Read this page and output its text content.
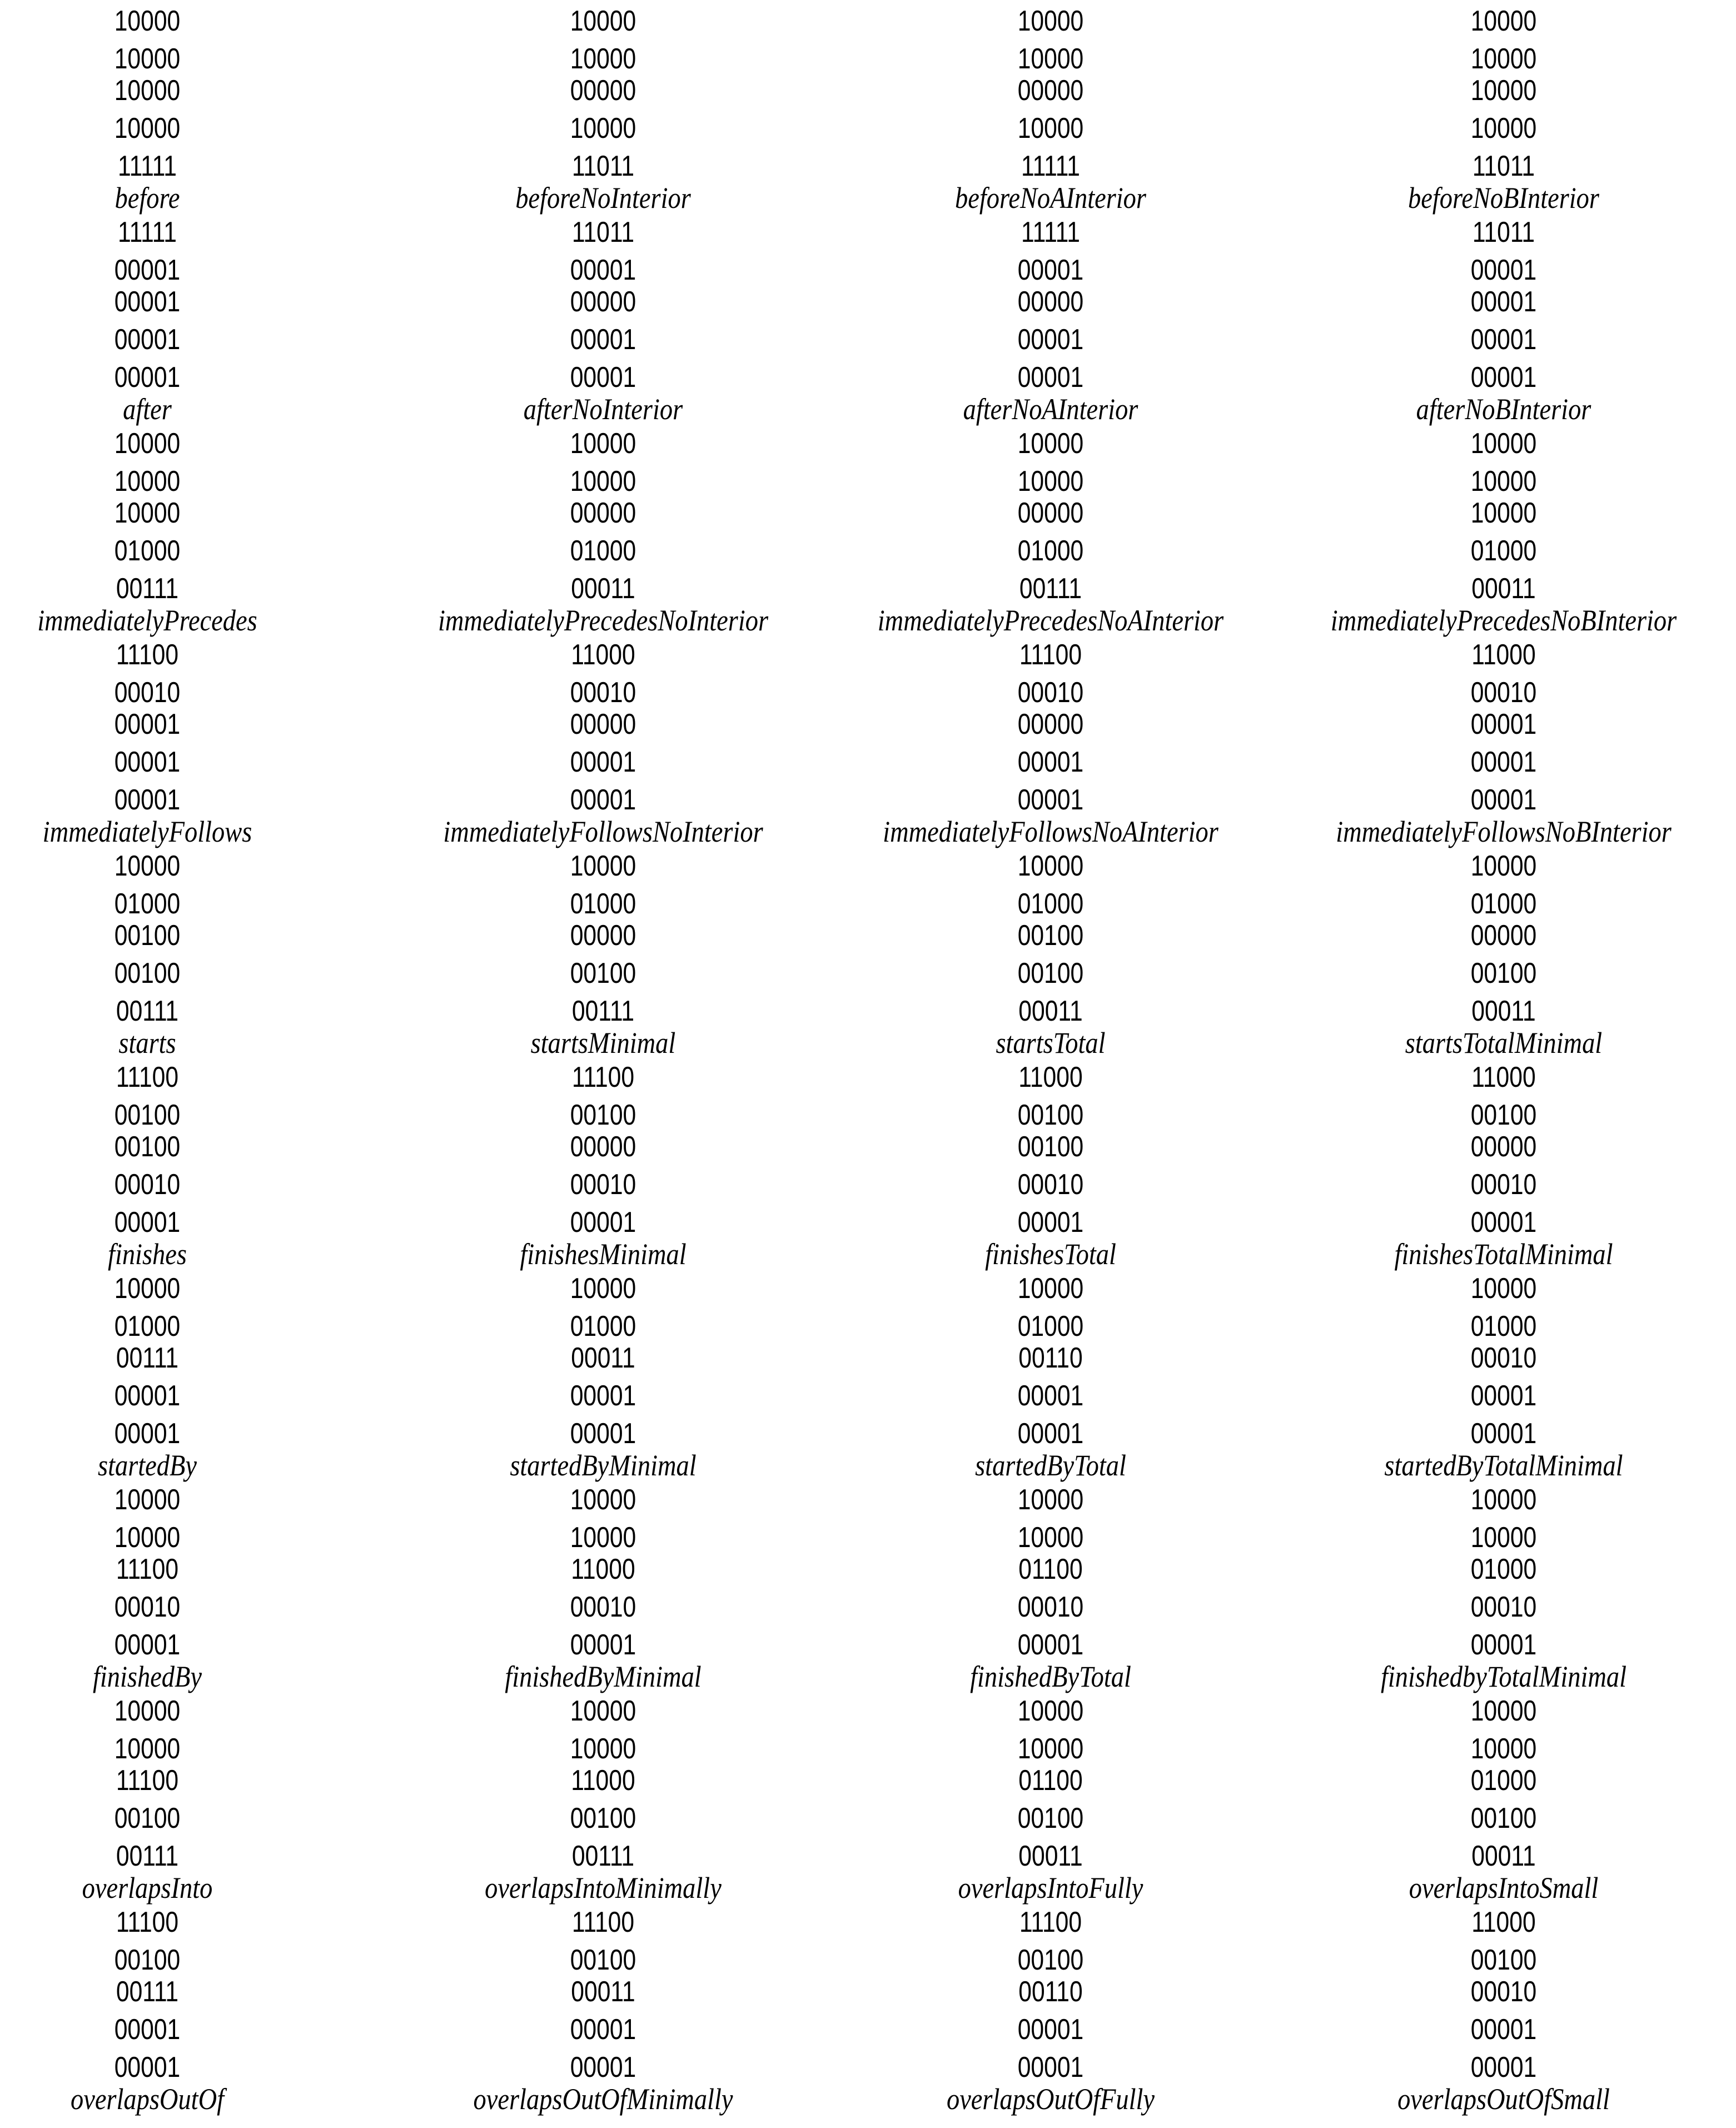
10000
10000
10000
10000
11111
before
10000
10000
00000
10000
11011
beforeNoInterior
10000
10000
00000
10000
11111
beforeNoAInterior
10000
10000
10000
10000
11011
beforeNoBInterior
11111
00001
00001
00001
00001
after
11011
00001
00000
00001
00001
afterNoInterior
11111
00001
00000
00001
00001
afterNoAInterior
11011
00001
00001
00001
00001
afterNoBInterior
10000
10000
10000
01000
00111
immediatelyPrecedes
10000
10000
00000
01000
00011
immediatelyPrecedesNoInterior
10000
10000
00000
01000
00111
immediatelyPrecedesNoAInterior
10000
10000
10000
01000
00011
immediatelyPrecedesNoBInterior
11100
00010
00001
00001
00001
immediatelyFollows
11000
00010
00000
00001
00001
immediatelyFollowsNoInterior
11100
00010
00000
00001
00001
immediatelyFollowsNoAInterior
11000
00010
00001
00001
00001
immediatelyFollowsNoBInterior
10000
01000
00100
00100
00111
starts
10000
01000
00000
00100
00111
startsMinimal
10000
01000
00100
00100
00011
startsTotal
10000
01000
00000
00100
00011
startsTotalMinimal
11100
00100
00100
00010
00001
finishes
11100
00100
00000
00010
00001
finishesMinimal
11000
00100
00100
00010
00001
finishesTotal
11000
00100
00000
00010
00001
finishesTotalMinimal
10000
01000
00111
00001
00001
startedBy
10000
01000
00011
00001
00001
startedByMinimal
10000
01000
00110
00001
00001
startedByTotal
10000
01000
00010
00001
00001
startedByTotalMinimal
10000
10000
11100
00010
00001
finishedBy
10000
10000
11000
00010
00001
finishedByMinimal
10000
10000
01100
00010
00001
finishedByTotal
10000
10000
01000
00010
00001
finishedbyTotalMinimal
10000
10000
11100
00100
00111
overlapsInto
10000
10000
11000
00100
00111
overlapsIntoMinimally
10000
10000
01100
00100
00011
overlapsIntoFully
10000
10000
01000
00100
00011
overlapsIntoSmall
11100
00100
00111
00001
00001
overlapsOutOf
11100
00100
00011
00001
00001
overlapsOutOfMinimally
11100
00100
00110
00001
00001
overlapsOutOfFully
11000
00100
00010
00001
00001
overlapsOutOfSmall
